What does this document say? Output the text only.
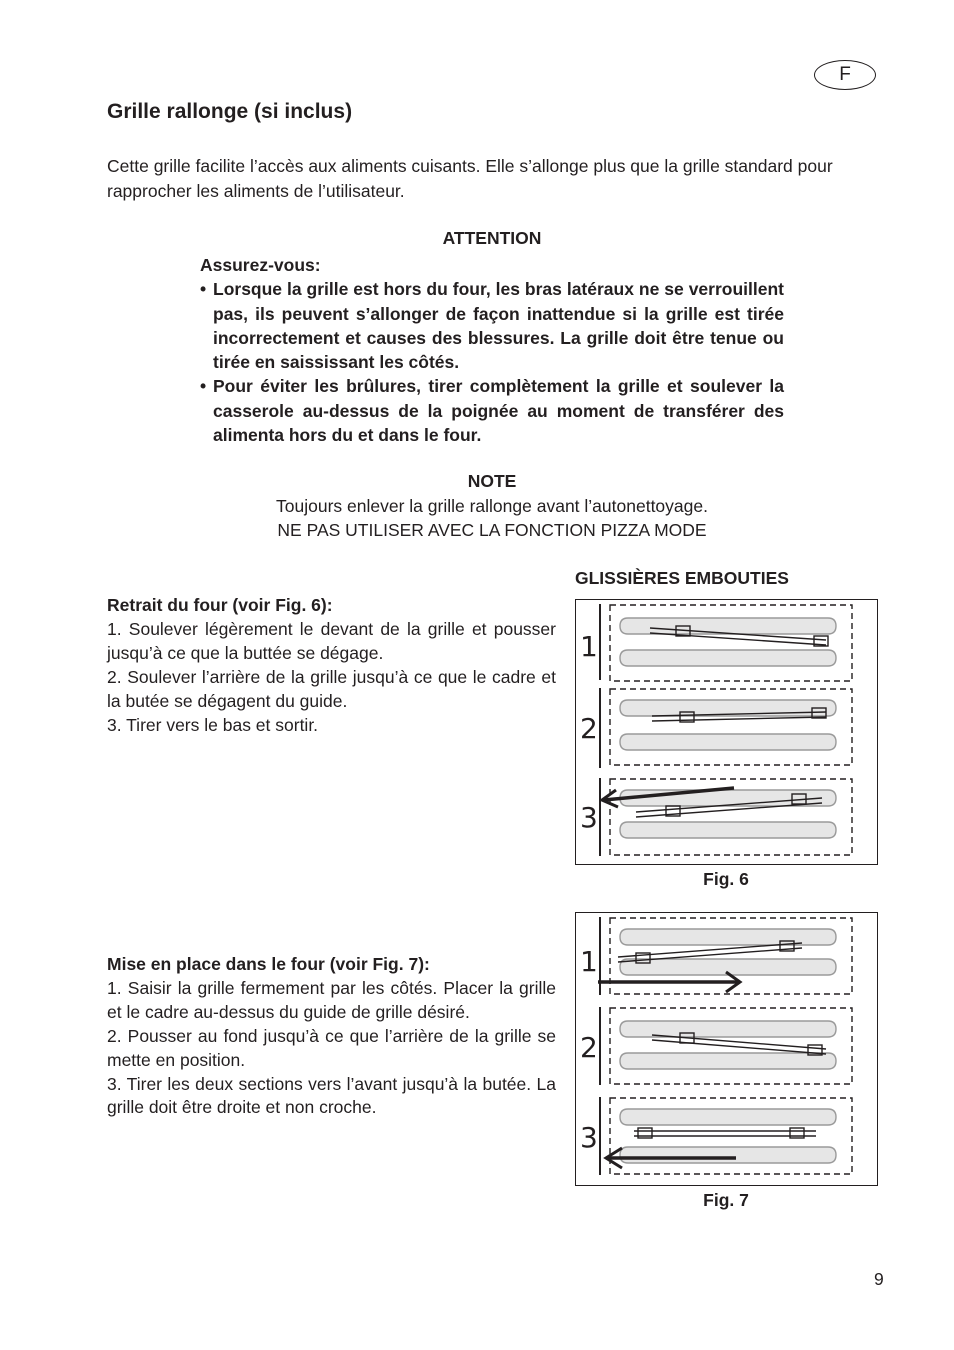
F
Grille rallonge (si inclus)
Cette grille facilite l’accès aux aliments cuisants. Elle s’allonge plus que la grille standard pour rapprocher les aliments de l’utilisateur.
ATTENTION
Assurez-vous:
• Lorsque la grille est hors du four, les bras latéraux ne se verrouillent pas, ils peuvent s’allonger de façon inattendue si la grille est tirée incorrectement et causes des blessures. La grille doit être tenue ou tirée en saississant les côtés.
• Pour éviter les brûlures, tirer complètement la grille et soulever la casserole au-dessus de la poignée au moment de transférer des alimenta hors du et dans le four.
NOTE
Toujours enlever la grille rallonge avant l’autonettoyage.
NE PAS UTILISER AVEC LA FONCTION PIZZA MODE
GLISSIÈRES EMBOUTIES
Retrait du four (voir Fig. 6):

1. Soulever légèrement le devant de la grille et pousser jusqu’à ce que la buttée se dégage.

2. Soulever l’arrière de la grille jusqu’à ce que le cadre et la butée se dégagent du guide.

3. Tirer vers le bas et sortir.

Mise en place dans le four (voir Fig. 7):

1. Saisir la grille fermement par les côtés. Placer la grille et le cadre au-dessus du guide de grille désiré.

2. Pousser au fond jusqu’à ce que l’arrière de la grille se mette en position.

3. Tirer les deux sections vers l’avant jusqu’à la butée. La grille doit être droite et non croche.

1
2
3
Fig. 6
1
2
3
Fig. 7
9
